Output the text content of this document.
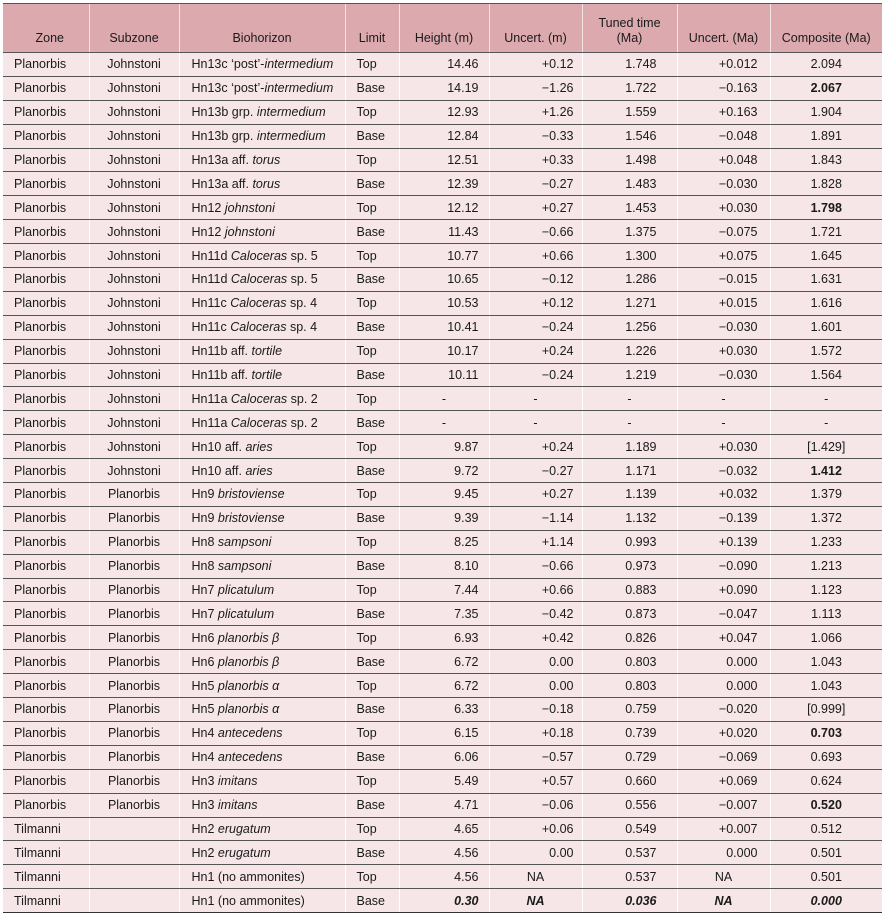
Zone	Subzone	Biohorizon	Limit	Height (m)	Uncert. (m)	Tuned time (Ma)	Uncert. (Ma)	Composite (Ma)
Planorbis	Johnstoni	Hn13c ‘post’-intermedium	Top	14.46	+0.12	1.748	+0.012	2.094
Planorbis	Johnstoni	Hn13c ‘post’-intermedium	Base	14.19	−1.26	1.722	−0.163	2.067
Planorbis	Johnstoni	Hn13b grp. intermedium	Top	12.93	+1.26	1.559	+0.163	1.904
Planorbis	Johnstoni	Hn13b grp. intermedium	Base	12.84	−0.33	1.546	−0.048	1.891
Planorbis	Johnstoni	Hn13a aff. torus	Top	12.51	+0.33	1.498	+0.048	1.843
Planorbis	Johnstoni	Hn13a aff. torus	Base	12.39	−0.27	1.483	−0.030	1.828
Planorbis	Johnstoni	Hn12 johnstoni	Top	12.12	+0.27	1.453	+0.030	1.798
Planorbis	Johnstoni	Hn12 johnstoni	Base	11.43	−0.66	1.375	−0.075	1.721
Planorbis	Johnstoni	Hn11d Caloceras sp. 5	Top	10.77	+0.66	1.300	+0.075	1.645
Planorbis	Johnstoni	Hn11d Caloceras sp. 5	Base	10.65	−0.12	1.286	−0.015	1.631
Planorbis	Johnstoni	Hn11c Caloceras sp. 4	Top	10.53	+0.12	1.271	+0.015	1.616
Planorbis	Johnstoni	Hn11c Caloceras sp. 4	Base	10.41	−0.24	1.256	−0.030	1.601
Planorbis	Johnstoni	Hn11b aff. tortile	Top	10.17	+0.24	1.226	+0.030	1.572
Planorbis	Johnstoni	Hn11b aff. tortile	Base	10.11	−0.24	1.219	−0.030	1.564
Planorbis	Johnstoni	Hn11a Caloceras sp. 2	Top	-	-	-	-	-
Planorbis	Johnstoni	Hn11a Caloceras sp. 2	Base	-	-	-	-	-
Planorbis	Johnstoni	Hn10 aff. aries	Top	9.87	+0.24	1.189	+0.030	[1.429]
Planorbis	Johnstoni	Hn10 aff. aries	Base	9.72	−0.27	1.171	−0.032	1.412
Planorbis	Planorbis	Hn9 bristoviense	Top	9.45	+0.27	1.139	+0.032	1.379
Planorbis	Planorbis	Hn9 bristoviense	Base	9.39	−1.14	1.132	−0.139	1.372
Planorbis	Planorbis	Hn8 sampsoni	Top	8.25	+1.14	0.993	+0.139	1.233
Planorbis	Planorbis	Hn8 sampsoni	Base	8.10	−0.66	0.973	−0.090	1.213
Planorbis	Planorbis	Hn7 plicatulum	Top	7.44	+0.66	0.883	+0.090	1.123
Planorbis	Planorbis	Hn7 plicatulum	Base	7.35	−0.42	0.873	−0.047	1.113
Planorbis	Planorbis	Hn6 planorbis β	Top	6.93	+0.42	0.826	+0.047	1.066
Planorbis	Planorbis	Hn6 planorbis β	Base	6.72	0.00	0.803	0.000	1.043
Planorbis	Planorbis	Hn5 planorbis α	Top	6.72	0.00	0.803	0.000	1.043
Planorbis	Planorbis	Hn5 planorbis α	Base	6.33	−0.18	0.759	−0.020	[0.999]
Planorbis	Planorbis	Hn4 antecedens	Top	6.15	+0.18	0.739	+0.020	0.703
Planorbis	Planorbis	Hn4 antecedens	Base	6.06	−0.57	0.729	−0.069	0.693
Planorbis	Planorbis	Hn3 imitans	Top	5.49	+0.57	0.660	+0.069	0.624
Planorbis	Planorbis	Hn3 imitans	Base	4.71	−0.06	0.556	−0.007	0.520
Tilmanni		Hn2 erugatum	Top	4.65	+0.06	0.549	+0.007	0.512
Tilmanni		Hn2 erugatum	Base	4.56	0.00	0.537	0.000	0.501
Tilmanni		Hn1 (no ammonites)	Top	4.56	NA	0.537	NA	0.501
Tilmanni		Hn1 (no ammonites)	Base	0.30	NA	0.036	NA	0.000
